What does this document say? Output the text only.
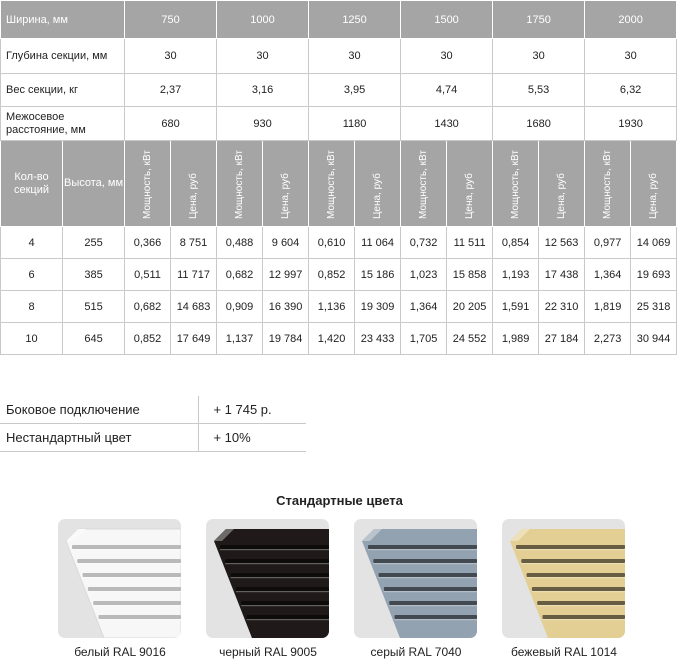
Ширина, мм		750		1000		1250		1500		1750		2000	
Глубина секции, мм		30		30		30		30		30		30	
Вес секции, кг		2,37		3,16		3,95		4,74		5,53		6,32	
Межосевое расстояние, мм		680		930		1180		1430		1680		1930	
Кол-во секций	Высота, мм	Мощность, кВт	Цена, руб	Мощность, кВт	Цена, руб	Мощность, кВт	Цена, руб	Мощность, кВт	Цена, руб	Мощность, кВт	Цена, руб	Мощность, кВт	Цена, руб
4	255	0,366	8 751	0,488	9 604	0,610	11 064	0,732	11 511	0,854	12 563	0,977	14 069
6	385	0,511	11 717	0,682	12 997	0,852	15 186	1,023	15 858	1,193	17 438	1,364	19 693
8	515	0,682	14 683	0,909	16 390	1,136	19 309	1,364	20 205	1,591	22 310	1,819	25 318
10	645	0,852	17 649	1,137	19 784	1,420	23 433	1,705	24 552	1,989	27 184	2,273	30 944
Боковое подключение	+ 1 745 р.
Нестандартный цвет	+ 10%
Стандартные цвета
белый RAL 9016	черный RAL 9005	серый RAL 7040	бежевый RAL 1014
